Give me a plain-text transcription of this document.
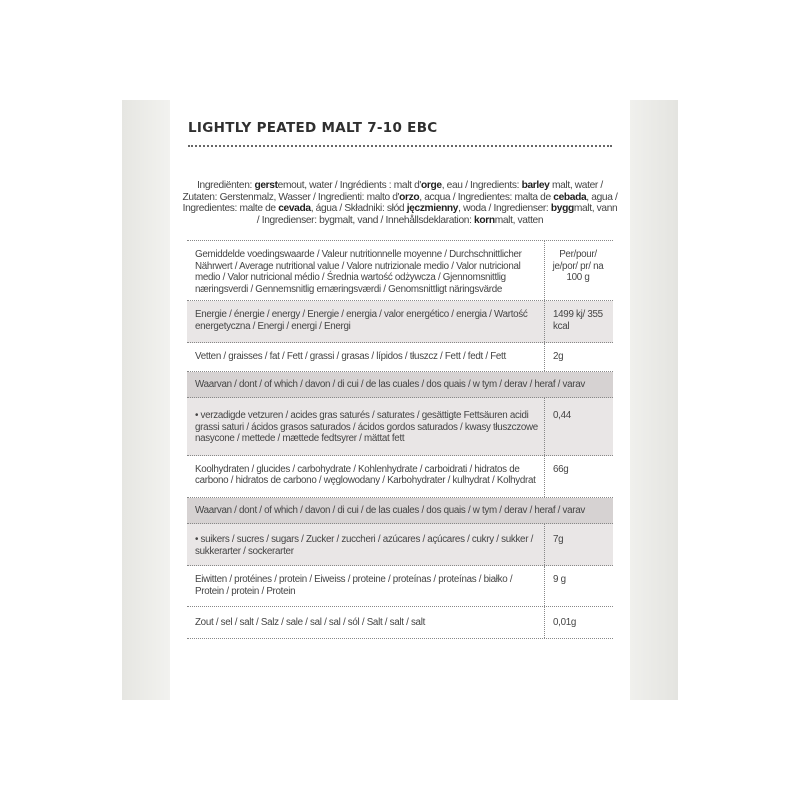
LIGHTLY PEATED MALT 7-10 EBC
Ingrediënten: gerstemout, water / Ingrédients : malt d'orge, eau / Ingredients: barley malt, water / Zutaten: Gerstenmalz, Wasser / Ingredienti: malto d'orzo, acqua / Ingredientes: malta de cebada, agua / Ingredientes: malte de cevada, água / Składniki: słód jęczmienny, woda / Ingredienser: byggmalt, vann / Ingredienser: bygmalt, vand / Innehållsdeklaration: kornmalt, vatten
Gemiddelde voedingswaarde / Valeur nutritionnelle moyenne / Durchschnittlicher Nährwert / Average nutritional value / Valore nutrizionale medio / Valor nutricional medio / Valor nutricional médio / Średnia wartość odżywcza / Gjennomsnittlig næringsverdi / Gennemsnitlig ernæringsværdi / Genomsnittligt näringsvärde
Per/pour/ je/por/ pr/ na 100 g
Energie / énergie / energy / Energie / energia / valor energético / energia / Wartość energetyczna / Energi / energi / Energi
1499 kj/ 355 kcal
Vetten / graisses / fat / Fett / grassi / grasas / lípidos / tłuszcz / Fett / fedt / Fett	2g
Waarvan / dont / of which / davon / di cui / de las cuales / dos quais / w tym / derav / heraf / varav
• verzadigde vetzuren / acides gras saturés / saturates / gesättigte Fettsäuren acidi grassi saturi / ácidos grasos saturados / ácidos gordos saturados / kwasy tłuszczowe nasycone / mettede / mættede fedtsyrer / mättat fett
0,44
Koolhydraten / glucides / carbohydrate / Kohlenhydrate / carboidrati / hidratos de carbono / hidratos de carbono / węglowodany / Karbohydrater / kulhydrat / Kolhydrat
66g
Waarvan / dont / of which / davon / di cui / de las cuales / dos quais / w tym / derav / heraf / varav
• suikers / sucres / sugars / Zucker / zuccheri / azúcares / açúcares / cukry / sukker / sukkerarter / sockerarter
7g
Eiwitten / protéines / protein / Eiweiss / proteine / proteínas / proteínas / białko / Protein / protein / Protein
9 g
Zout / sel / salt / Salz / sale / sal / sal / sól / Salt / salt / salt	0,01g
